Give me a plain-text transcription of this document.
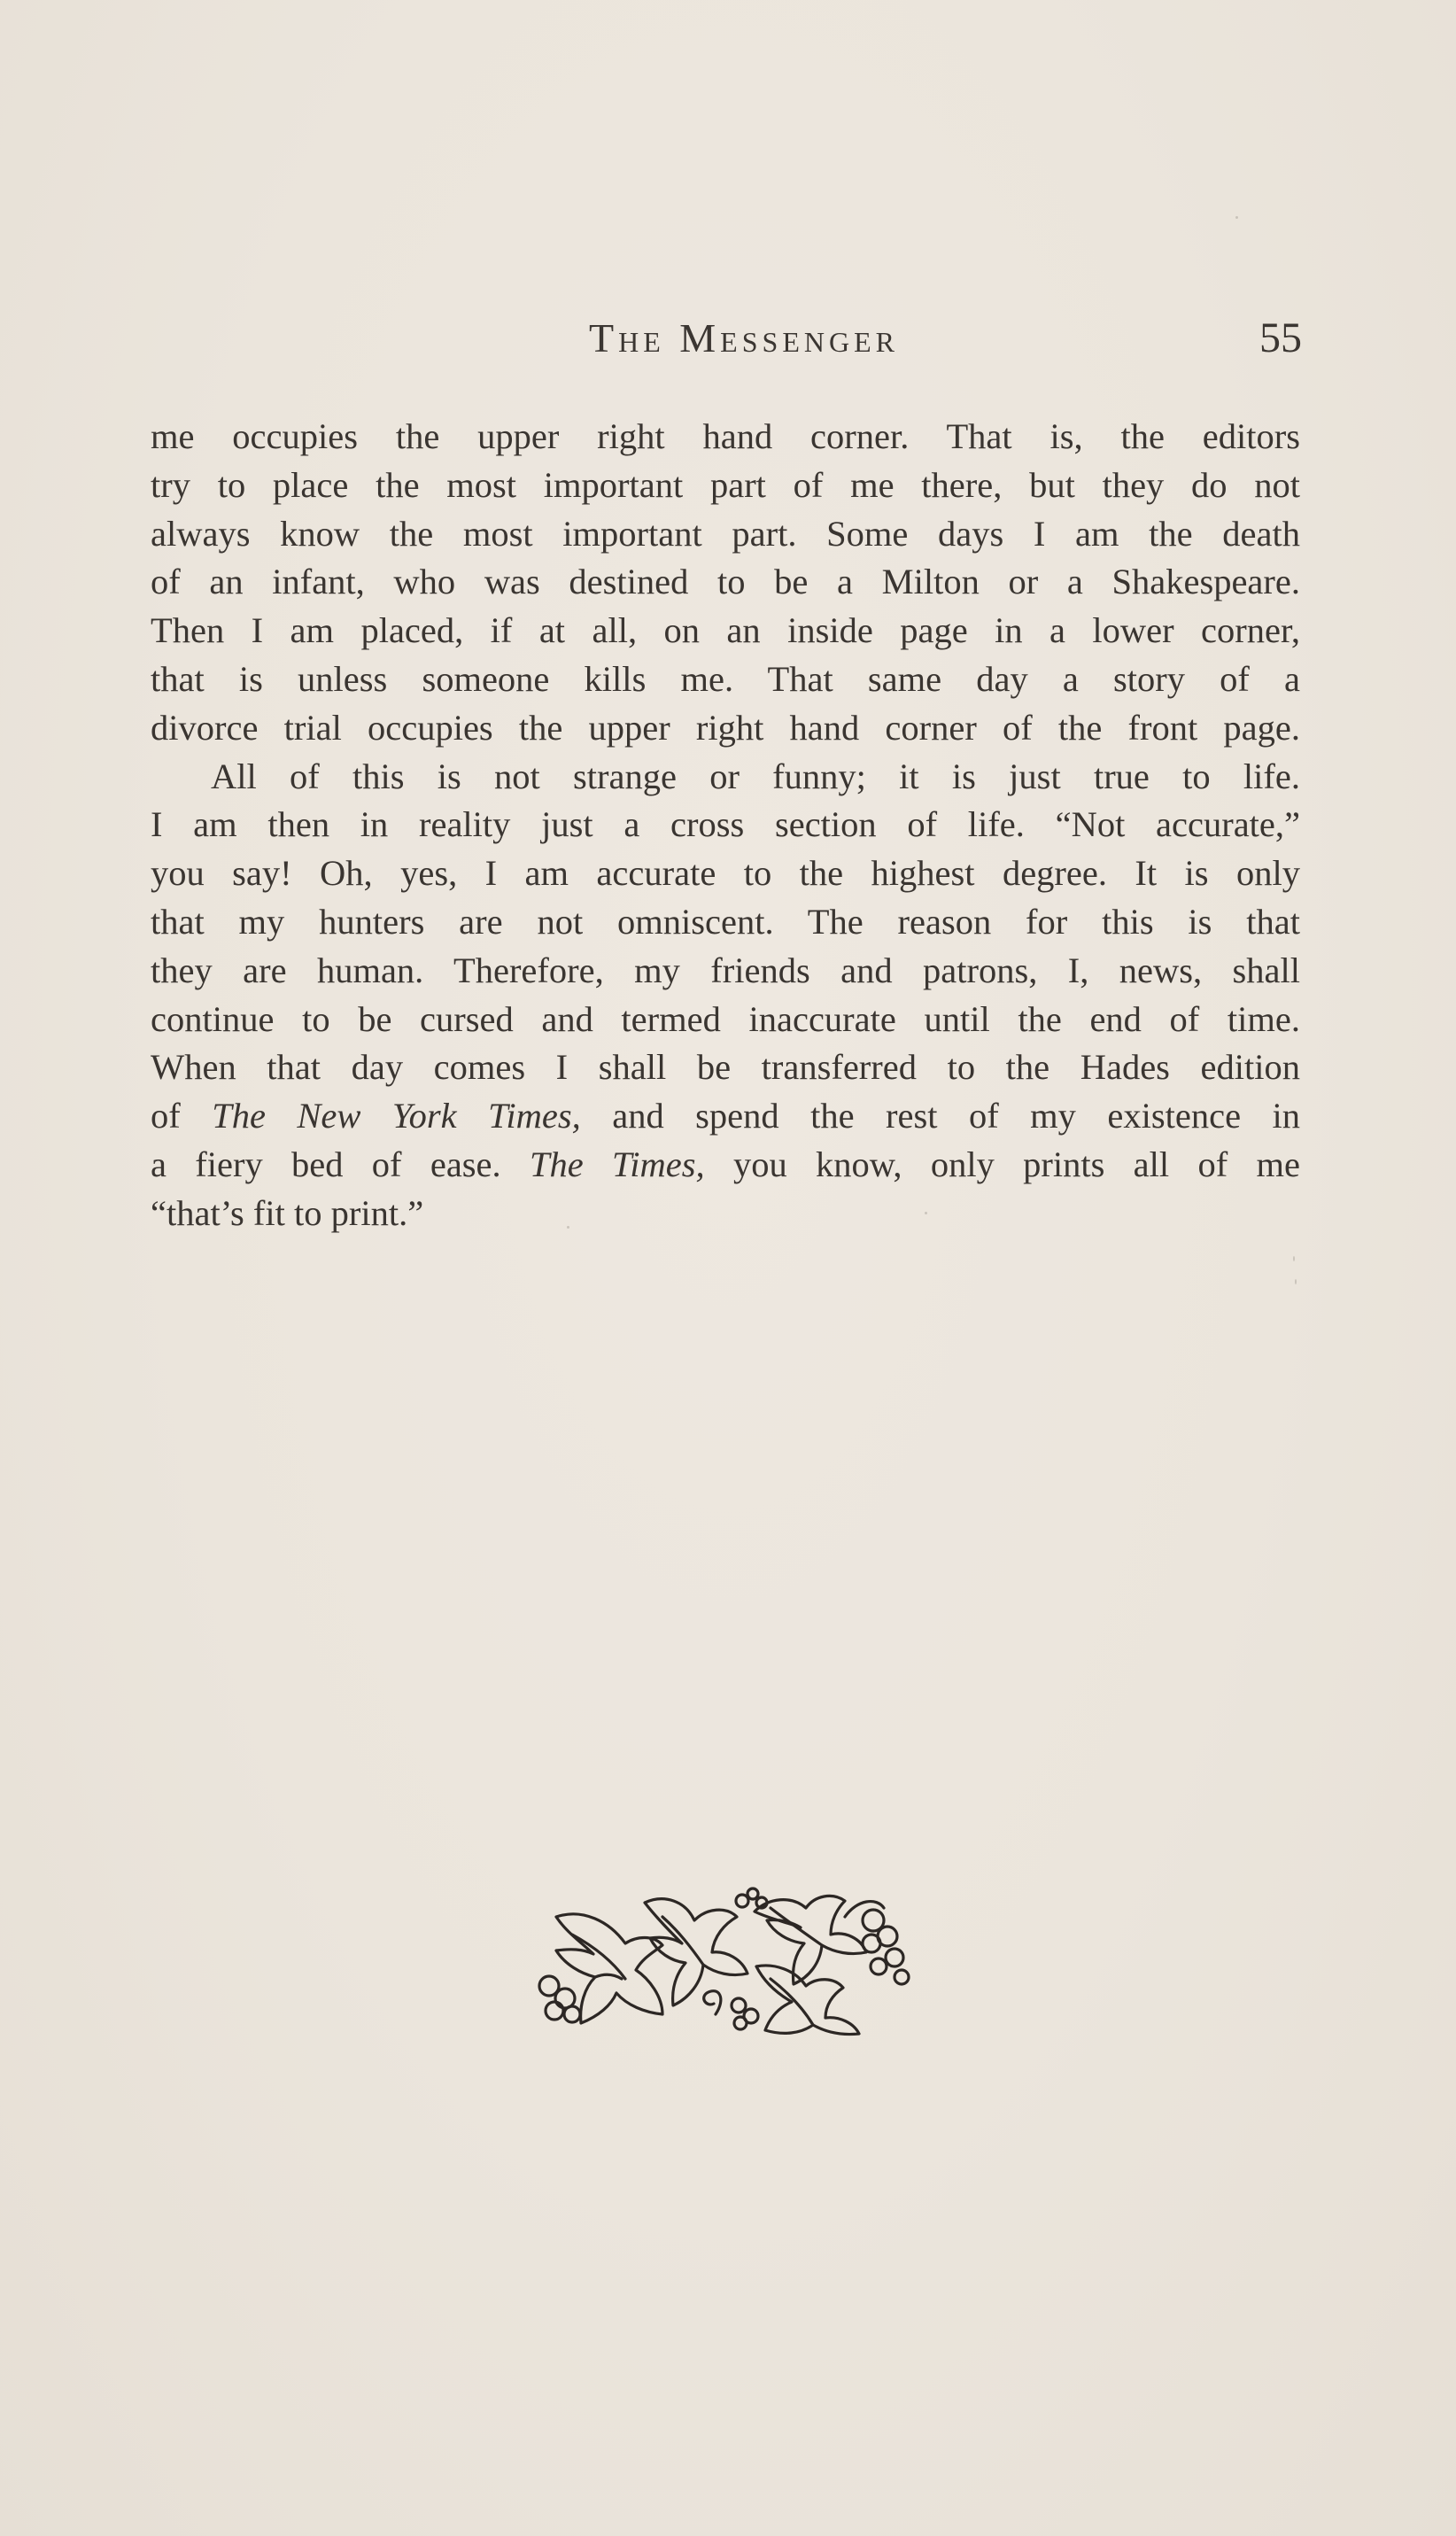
The Messenger	55
me occupies the upper right hand corner. That is, the editors
try to place the most important part of me there, but they do not
always know the most important part. Some days I am the death
of an infant, who was destined to be a Milton or a Shakespeare.
Then I am placed, if at all, on an inside page in a lower corner,
that is unless someone kills me. That same day a story of a
divorce trial occupies the upper right hand corner of the front page.
All of this is not strange or funny; it is just true to life.
I am then in reality just a cross section of life. “Not accurate,”
you say! Oh, yes, I am accurate to the highest degree. It is only
that my hunters are not omniscent. The reason for this is that
they are human. Therefore, my friends and patrons, I, news, shall
continue to be cursed and termed inaccurate until the end of time.
When that day comes I shall be transferred to the Hades edition
of The New York Times, and spend the rest of my existence in
a fiery bed of ease. The Times, you know, only prints all of me
“that’s fit to print.”
